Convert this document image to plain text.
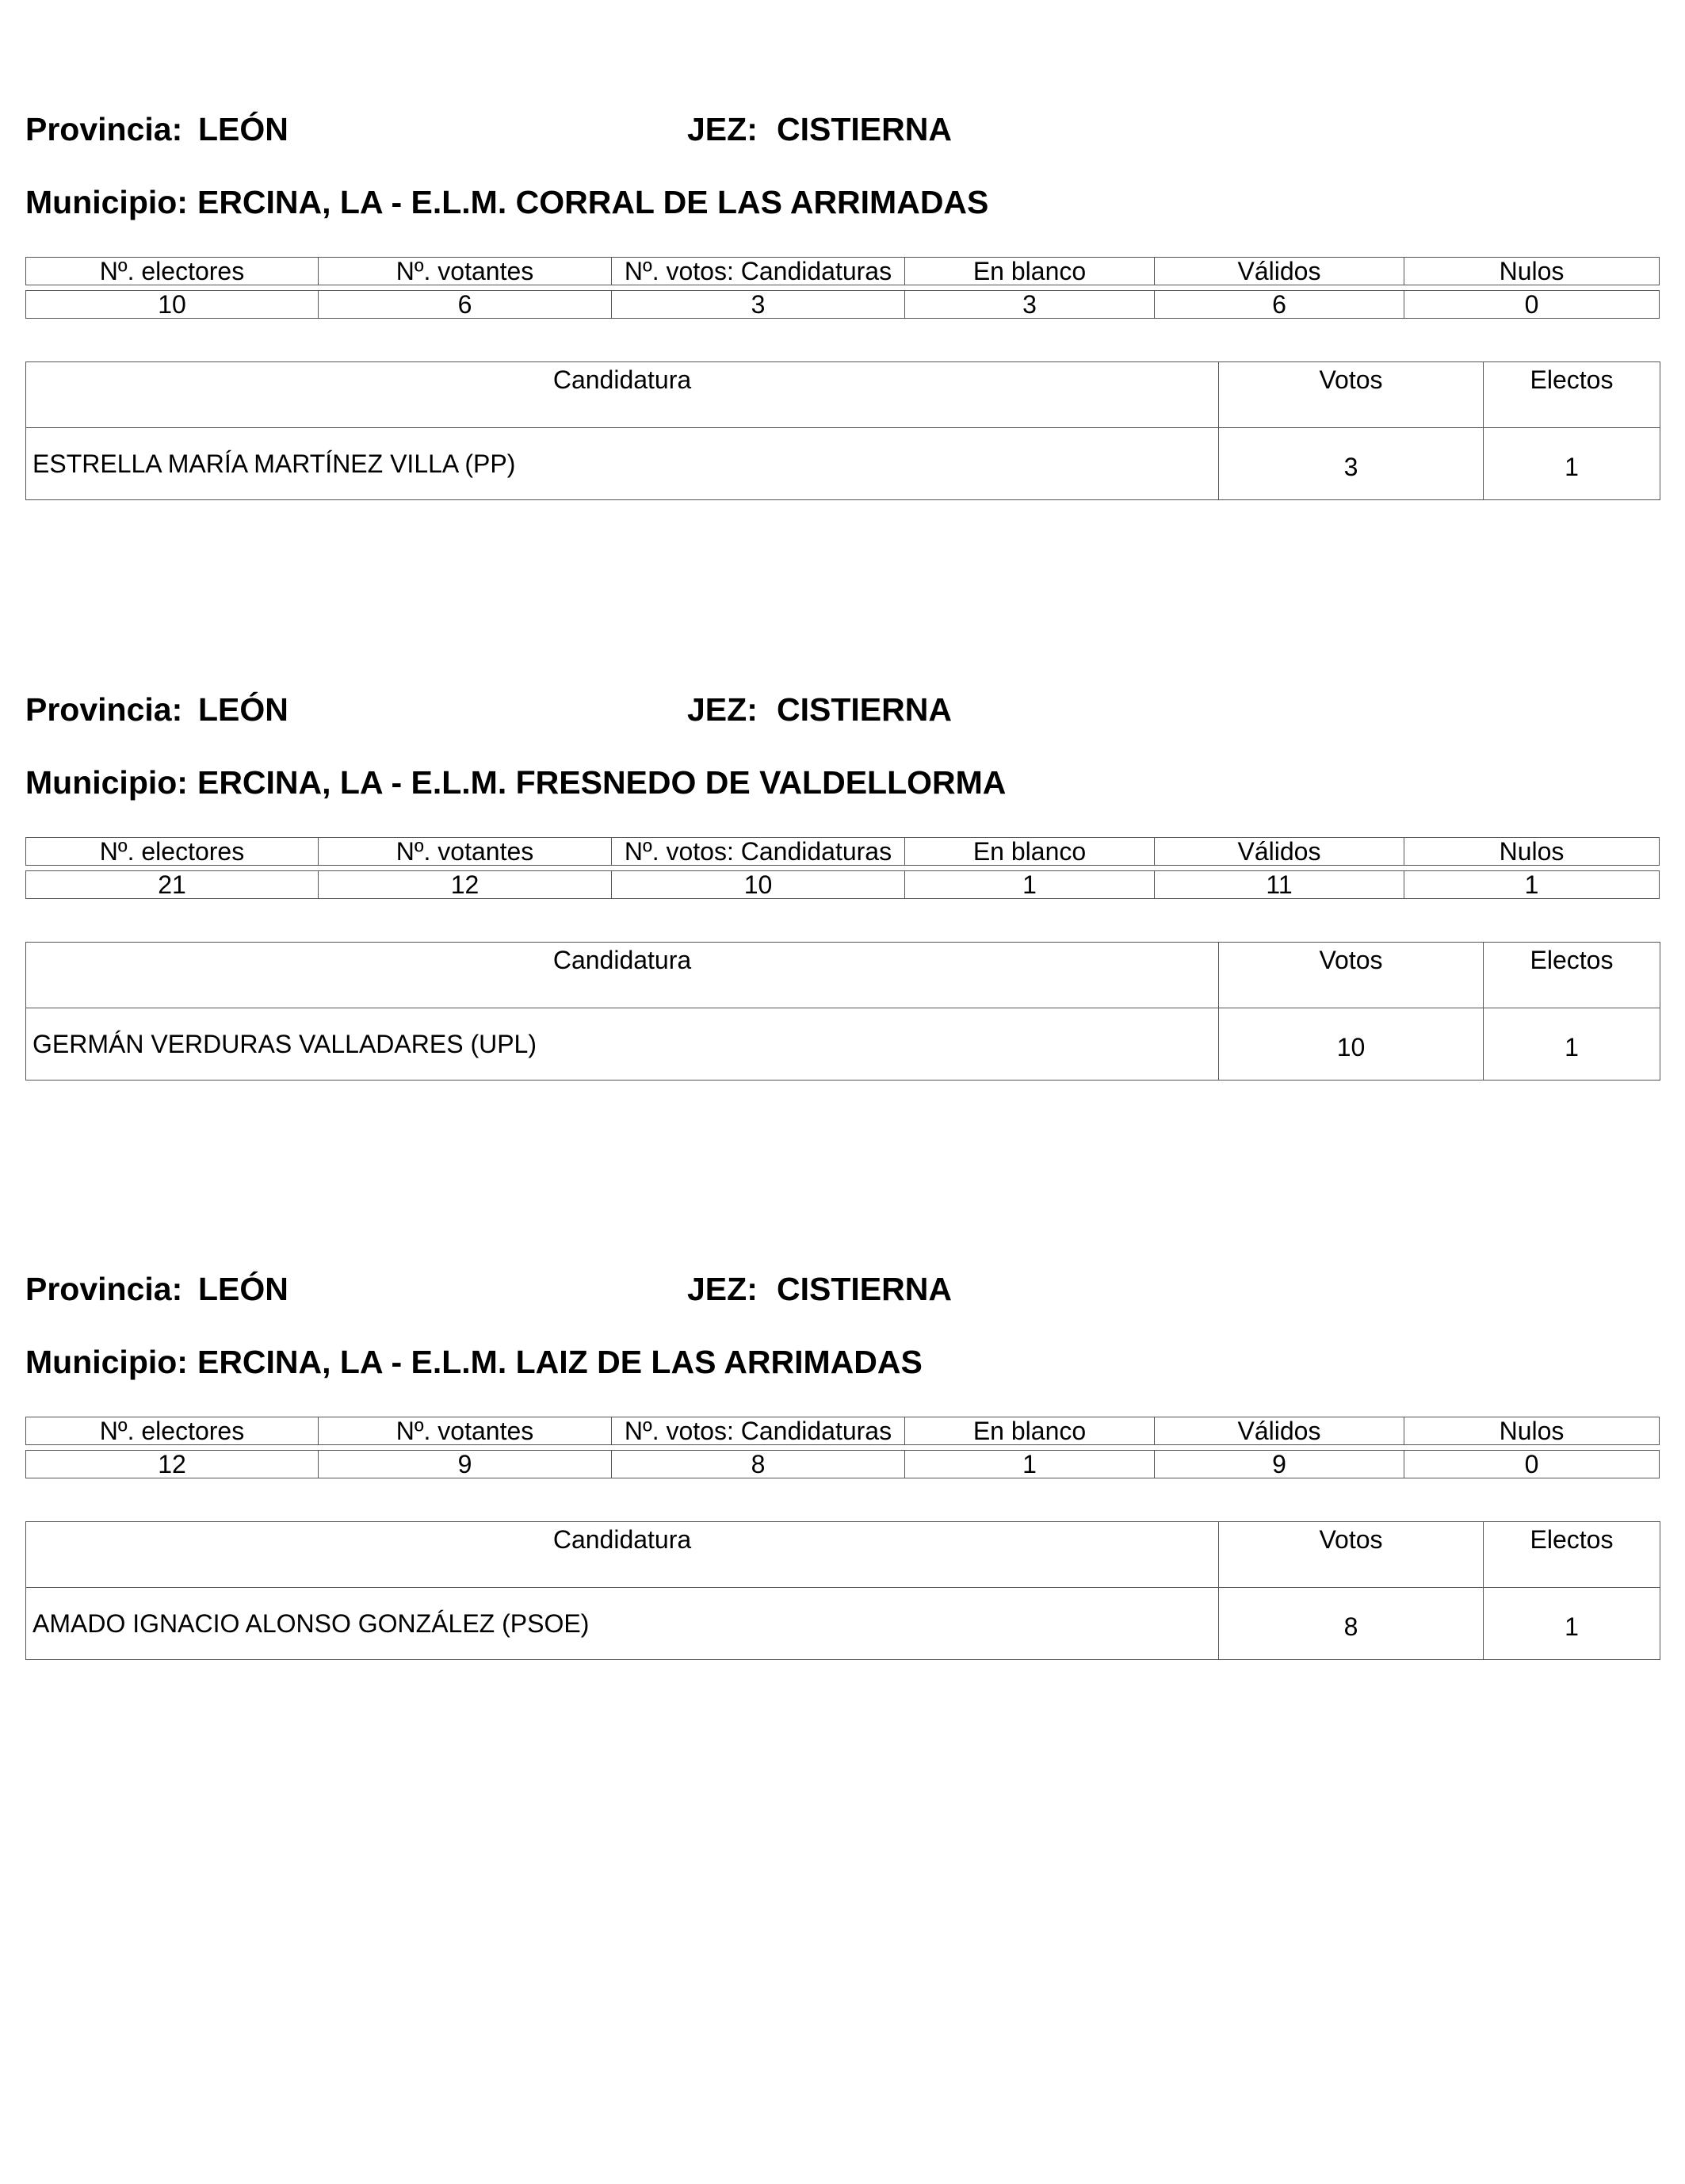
Provincia: LEÓN	JEZ: CISTIERNA
Municipio: ERCINA, LA - E.L.M. CORRAL DE LAS ARRIMADAS
Nº. electores	Nº. votantes	Nº. votos: Candidaturas	En blanco	Válidos	Nulos
10	6	3	3	6	0
Candidatura	Votos	Electos
ESTRELLA MARÍA MARTÍNEZ VILLA (PP)	3	1
Provincia: LEÓN	JEZ: CISTIERNA
Municipio: ERCINA, LA - E.L.M. FRESNEDO DE VALDELLORMA
Nº. electores	Nº. votantes	Nº. votos: Candidaturas	En blanco	Válidos	Nulos
21	12	10	1	11	1
Candidatura	Votos	Electos
GERMÁN VERDURAS VALLADARES (UPL)	10	1
Provincia: LEÓN	JEZ: CISTIERNA
Municipio: ERCINA, LA - E.L.M. LAIZ DE LAS ARRIMADAS
Nº. electores	Nº. votantes	Nº. votos: Candidaturas	En blanco	Válidos	Nulos
12	9	8	1	9	0
Candidatura	Votos	Electos
AMADO IGNACIO ALONSO GONZÁLEZ (PSOE)	8	1
